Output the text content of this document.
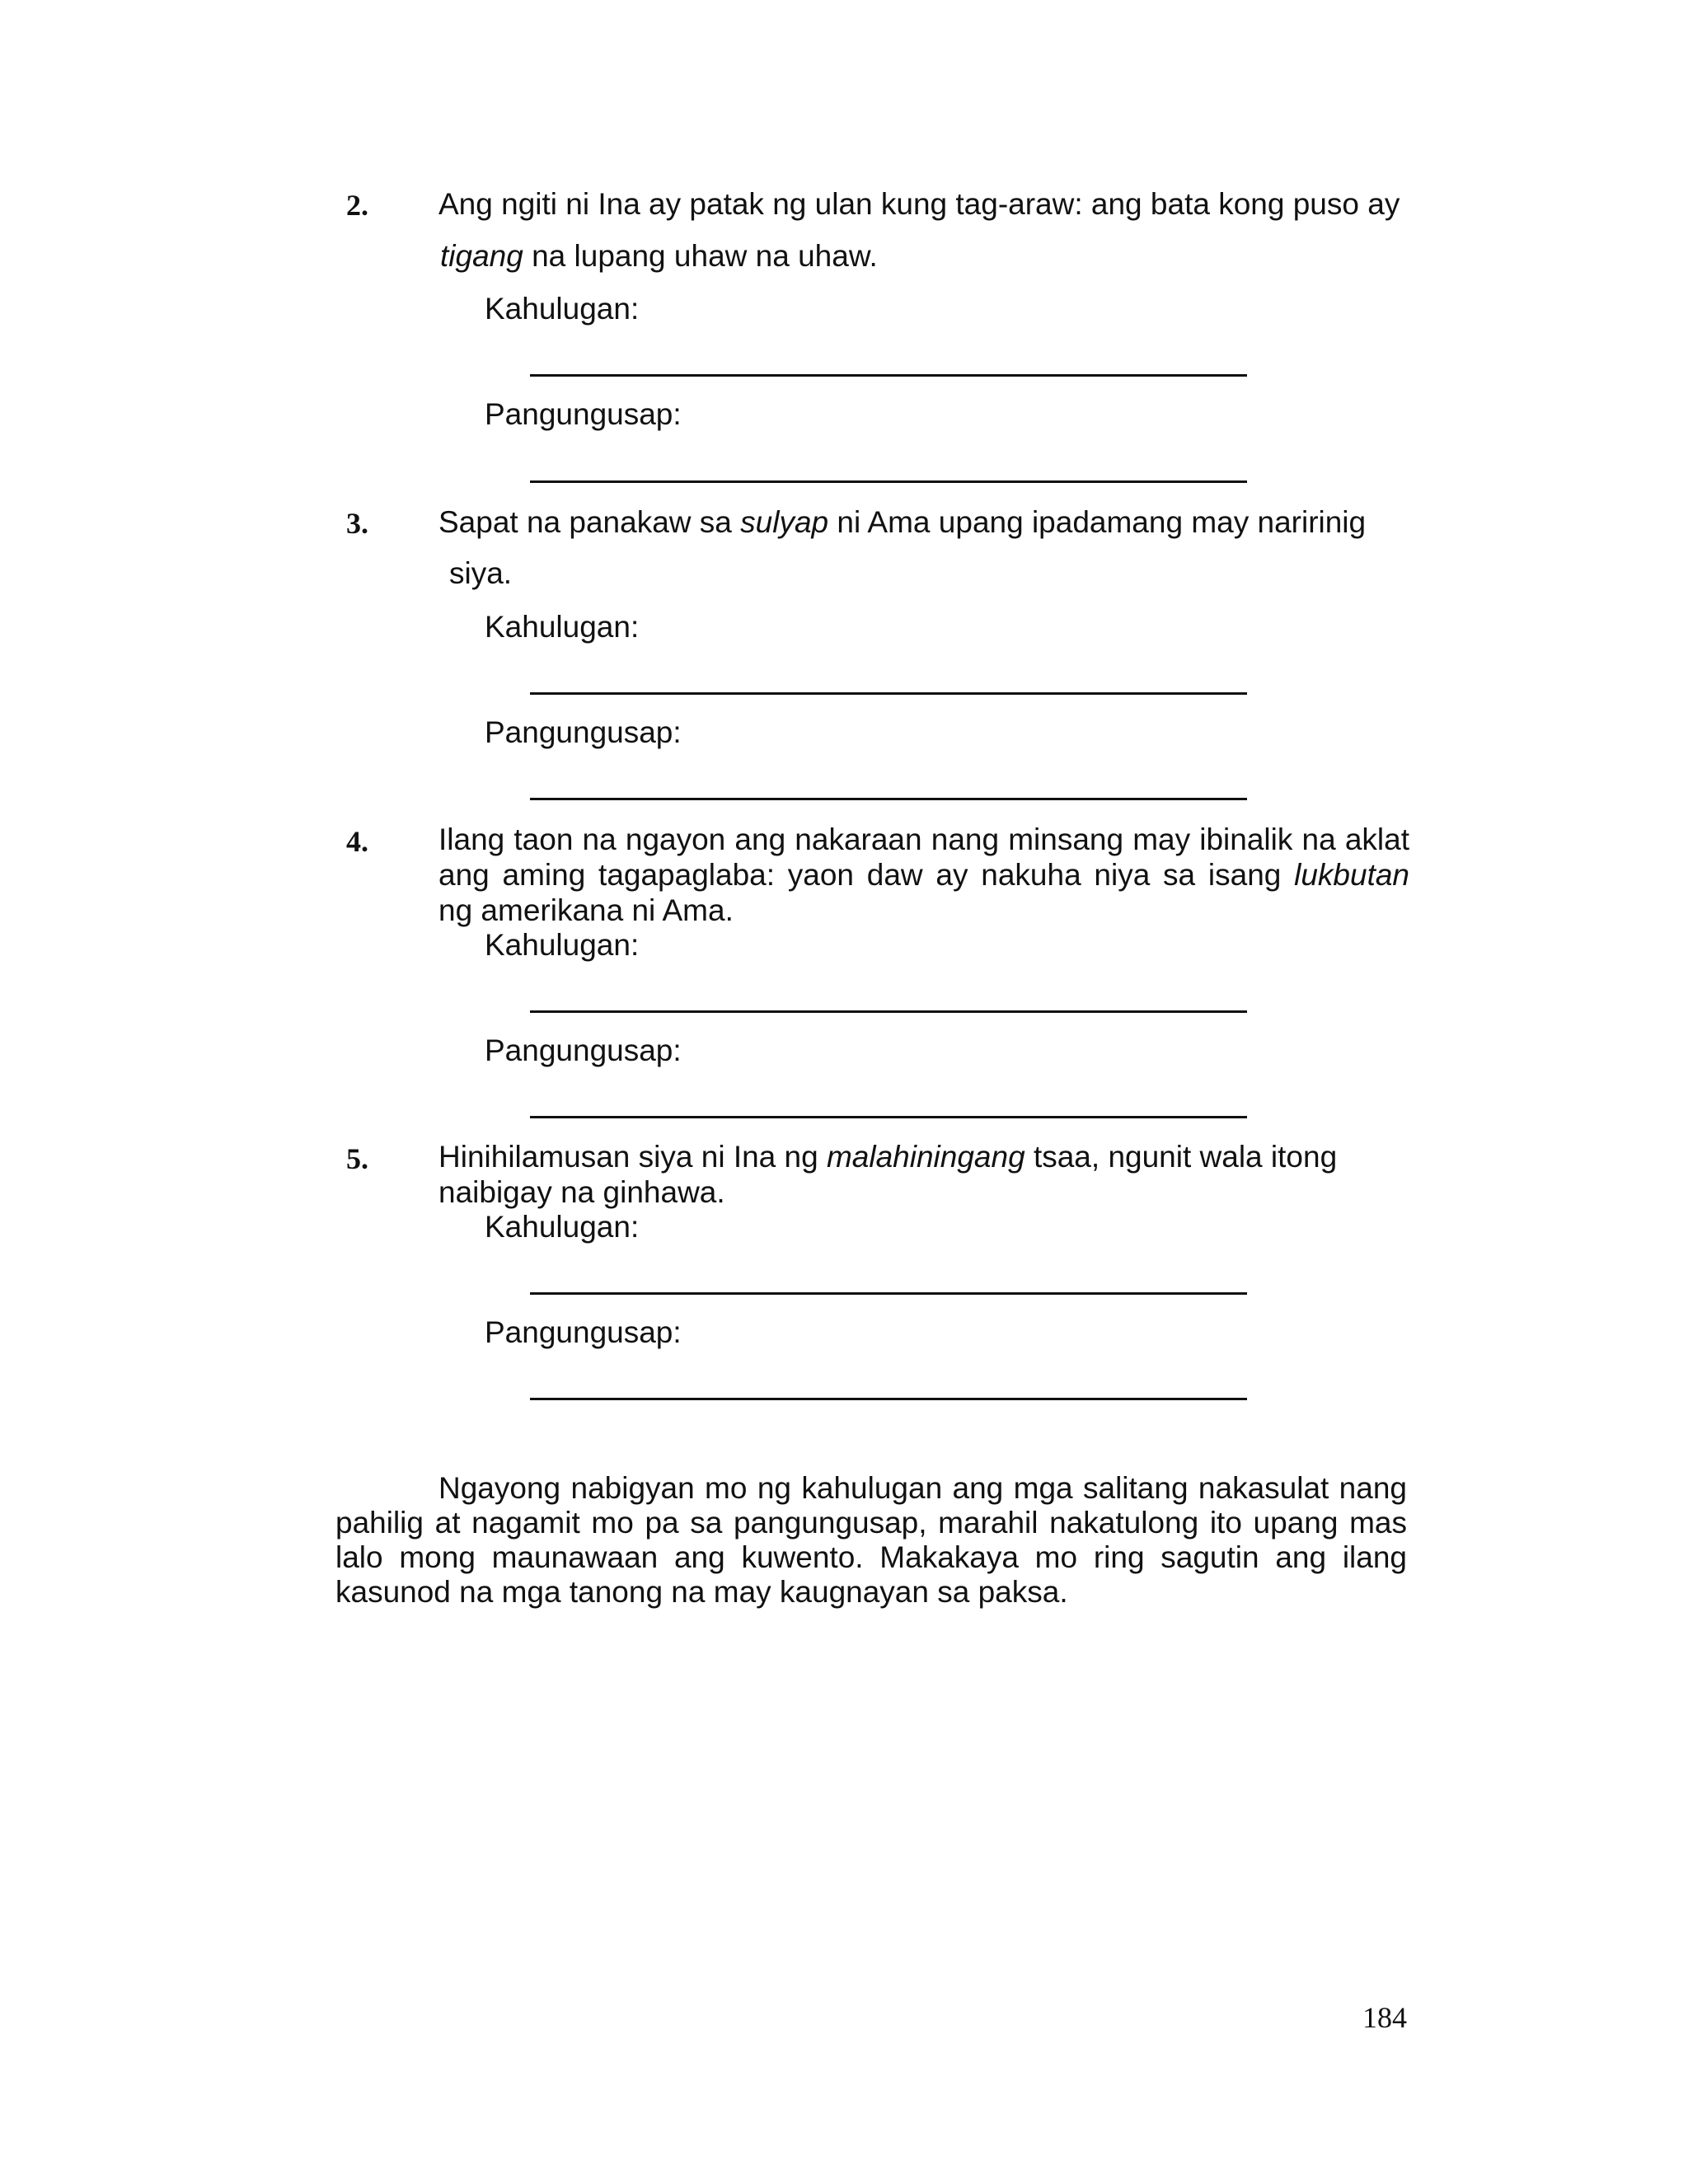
2. Ang ngiti ni Ina ay patak ng ulan kung tag-araw: ang bata kong puso ay
tigang na lupang uhaw na uhaw.
Kahulugan:
Pangungusap:
3. Sapat na panakaw sa sulyap ni Ama upang ipadamang may naririnig
siya.
Kahulugan:
Pangungusap:
4. Ilang taon na ngayon ang nakaraan nang minsang may ibinalik na aklat
ang aming tagapaglaba: yaon daw ay nakuha niya sa isang lukbutan
ng amerikana ni Ama.
Kahulugan:
Pangungusap:
5. Hinihilamusan siya ni Ina ng malahiningang tsaa, ngunit wala itong
naibigay na ginhawa.
Kahulugan:
Pangungusap:

Ngayong nabigyan mo ng kahulugan ang mga salitang nakasulat nang pahilig at nagamit mo pa sa pangungusap, marahil nakatulong ito upang mas lalo mong maunawaan ang kuwento. Makakaya mo ring sagutin ang ilang kasunod na mga tanong na may kaugnayan sa paksa.

184
